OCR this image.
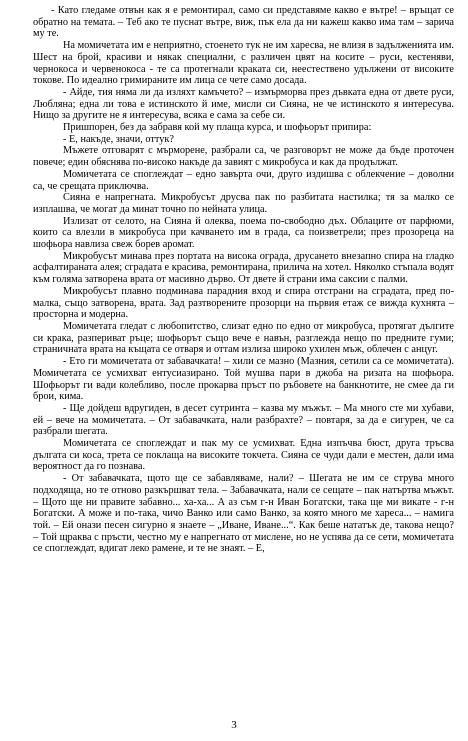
- Като гледаме отвън как я е ремонтирал, само си представяме какво е вътре! – връщат се обратно на темата. – Теб ако те пуснат вътре, виж, пък ела да ни кажеш какво има там – зарича му те.

На момичетата им е неприятно, стоенето тук не им харесва, не влизя в задълженията им. Шест на брой, красиви и някак специални, с различен цвят на косите – руси, кестеняви, чернокоса и червенокоса - те са протегнали краката си, неестествено удължени от високите токове. По идеално гримираните им лица се чете само досада.

- Айде, тия няма ли да изляхт камъчето? – измърморва през дъвката една от двете руси, Любляна; една ли това е истинското й име, мисли си Сияна, не че истинското я интересува. Нищо за другите не я интересува, всяка е сама за себе си.

Пришпорен, без да забравя кой му плаща курса, и шофьорът припира:

- Е, накъде, значи, оттук?

Мъжете отговарят с мърморене, разбрали са, че разговорът не може да бъде проточен повече; един обяснява по-високо накъде да завият с микробуса и как да продължат.

Момичетата се споглеждат – едно завърта очи, друго издишва с облекчение – доволни са, че срещата приключва.

Сияна е напрегната. Микробусът друсва пак по разбитата настилка; тя за малко се изплашва, че могат да минат точно по нейната улица.

Излизат от селото, на Сияна й олеква, поема по-свободно дъх. Облаците от парфюми, които са влезли в микробуса при качването им в града, са поизветрели; през прозореца на шофьора навлиза свеж борев аромат.

Микробусът минава през портата на висока ограда, друсането внезапно спира на гладко асфалтираната алея; сградата е красива, ремонтирана, прилича на хотел. Няколко стъпала водят към голяма затворена врата от масивно дърво. От двете й страни има саксии с палми.

Микробусът плавно подминава парадния вход и спира отстрани на сградата, пред по-малка, също затворена, врата. Зад разтворените прозорци на първия етаж се вижда кухнята – просторна и модерна.

Момичетата гледат с любопитство, слизат едно по едно от микробуса, протягат дългите си крака, разпериват ръце; шофьорът също вече е навън, разглежда нещо по предните гуми; страничната врата на къщата се отваря и оттам излиза широко ухилен мъж, облечен с анцуг.

- Ето ги момичетата от забавачката! – хили се мазно (Мазния, сетили са се момичетата). Момичетата се усмихват ентусиазирано. Той мушва пари в джоба на ризата на шофьора. Шофьорът ги вади колебливо, после прокарва пръст по ръбовете на банкнотите, не смее да ги брои, кима.

- Ще дойдеш вдругиден, в десет сутринта – казва му мъжът. – Ма много сте ми хубави, ей – вече на момичетата. – От забавачката, нали разбрахте? – повтаря, за да е сигурен, че са разбрали шегата.

Момичетата се споглеждат и пак му се усмихват. Една изпъчва бюст, друга тръсва дългата си коса, трета се поклаща на високите токчета. Сияна се чуди дали е местен, дали има вероятност да го познава.

- От забавачката, щото ще се забавляваме, нали? – Шегата не им се струва много подходяща, но те отново разкършват тела. – Забавачката, нали се сещате – пак натъртва мъжът. – Щото ще ни правите забавно... ха-ха... А аз съм г-н Иван Богатски, така ще ми викате - г-н Богатски. А може и по-така, чичо Ванко или само Ванко, за която много ме хареса... – намига той. – Ей онази песен сигурно я знаете – „Иване, Иване...“. Как беше нататък де, такова нещо? – Той щраква с пръсти, честно му е напрегнато от мислене, но не успява да се сети, момичетата се споглеждат, вдигат леко рамене, и те не знаят. – Е,

3
